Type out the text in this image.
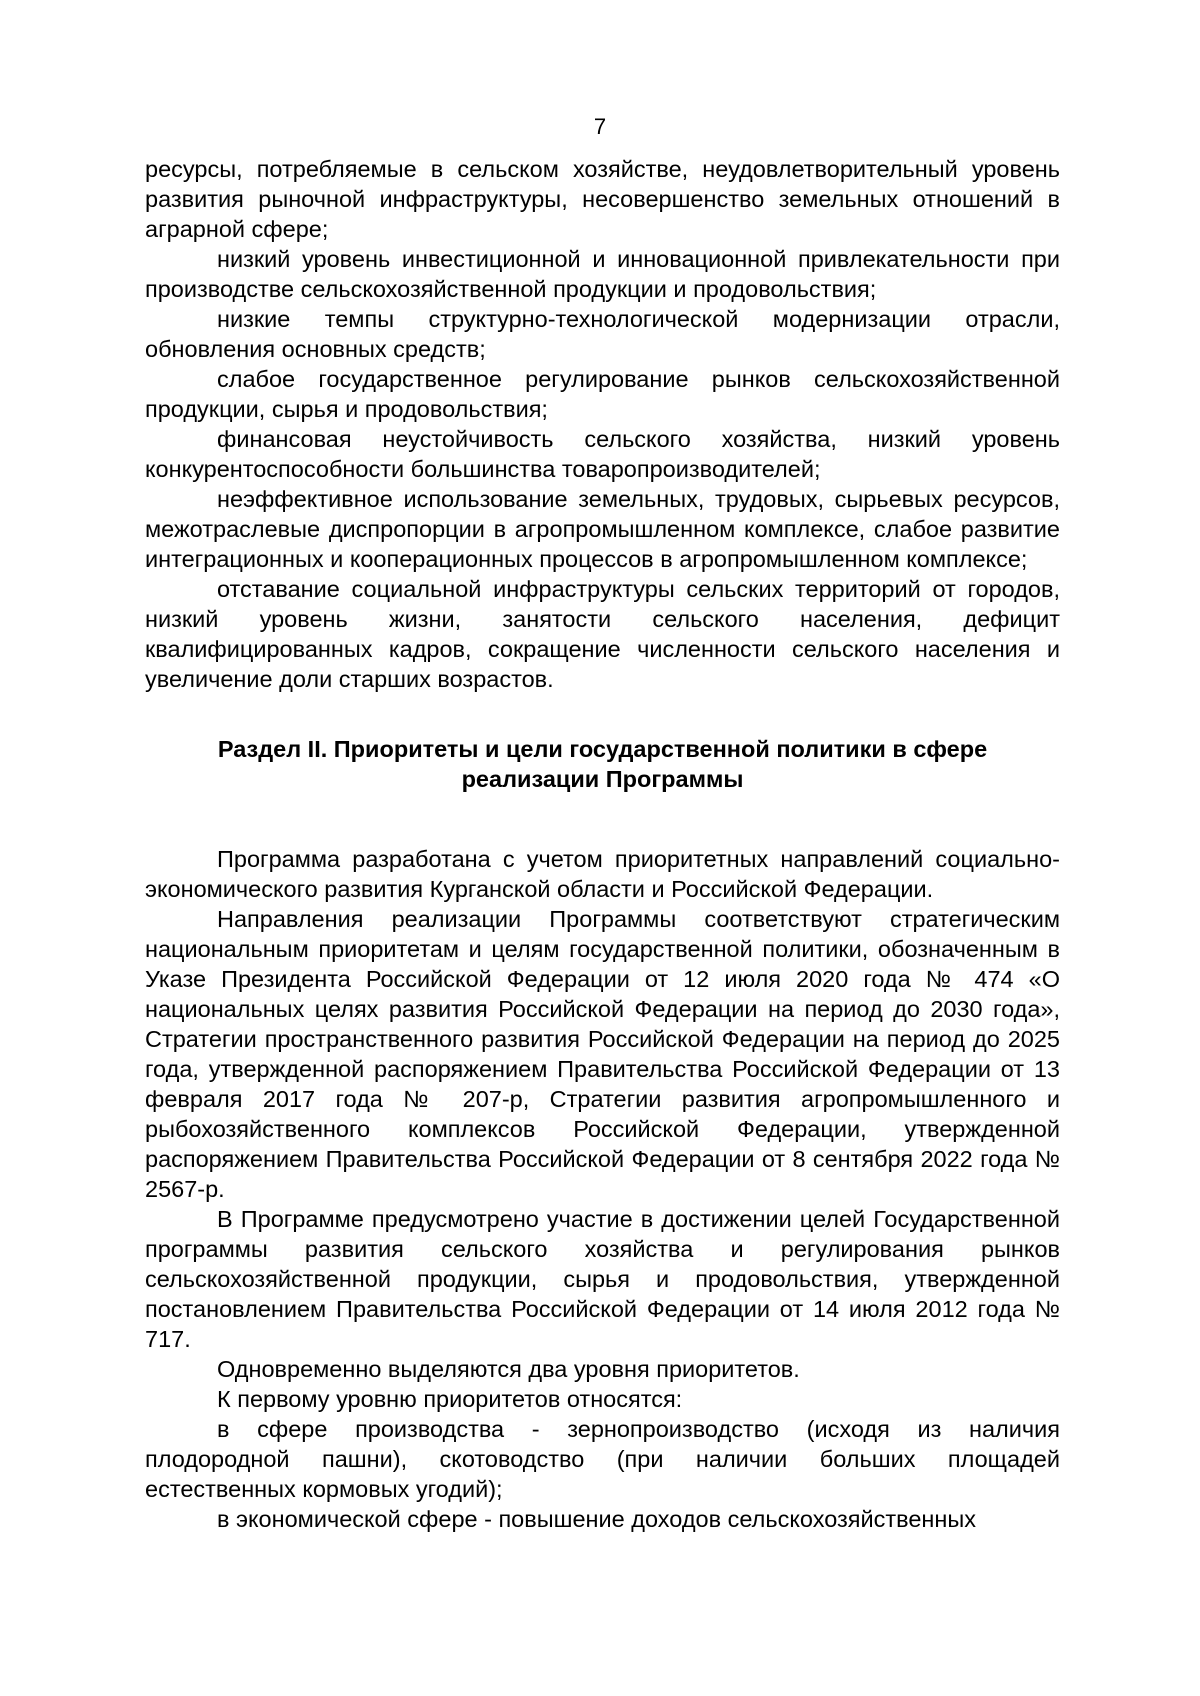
7

ресурсы, потребляемые в сельском хозяйстве, неудовлетворительный уровень развития рыночной инфраструктуры, несовершенство земельных отношений в аграрной сфере;

низкий уровень инвестиционной и инновационной привлекательности при производстве сельскохозяйственной продукции и продовольствия;

низкие темпы структурно-технологической модернизации отрасли, обновления основных средств;

слабое государственное регулирование рынков сельскохозяйственной продукции, сырья и продовольствия;

финансовая неустойчивость сельского хозяйства, низкий уровень конкурентоспособности большинства товаропроизводителей;

неэффективное использование земельных, трудовых, сырьевых ресурсов, межотраслевые диспропорции в агропромышленном комплексе, слабое развитие интеграционных и кооперационных процессов в агропромышленном комплексе;

отставание социальной инфраструктуры сельских территорий от городов, низкий уровень жизни, занятости сельского населения, дефицит квалифицированных кадров, сокращение численности сельского населения и увеличение доли старших возрастов.

Раздел II. Приоритеты и цели государственной политики в сфере
реализации Программы

Программа разработана с учетом приоритетных направлений социально-экономического развития Курганской области и Российской Федерации.

Направления реализации Программы соответствуют стратегическим национальным приоритетам и целям государственной политики, обозначенным в Указе Президента Российской Федерации от 12 июля 2020 года № 474 «О национальных целях развития Российской Федерации на период до 2030 года», Стратегии пространственного развития Российской Федерации на период до 2025 года, утвержденной распоряжением Правительства Российской Федерации от 13 февраля 2017 года № 207-р, Стратегии развития агропромышленного и рыбохозяйственного комплексов Российской Федерации, утвержденной распоряжением Правительства Российской Федерации от 8 сентября 2022 года № 2567-р.

В Программе предусмотрено участие в достижении целей Государственной программы развития сельского хозяйства и регулирования рынков сельскохозяйственной продукции, сырья и продовольствия, утвержденной постановлением Правительства Российской Федерации от 14 июля 2012 года № 717.

Одновременно выделяются два уровня приоритетов.

К первому уровню приоритетов относятся:

в сфере производства - зернопроизводство (исходя из наличия плодородной пашни), скотоводство (при наличии больших площадей естественных кормовых угодий);

в экономической сфере - повышение доходов сельскохозяйственных
